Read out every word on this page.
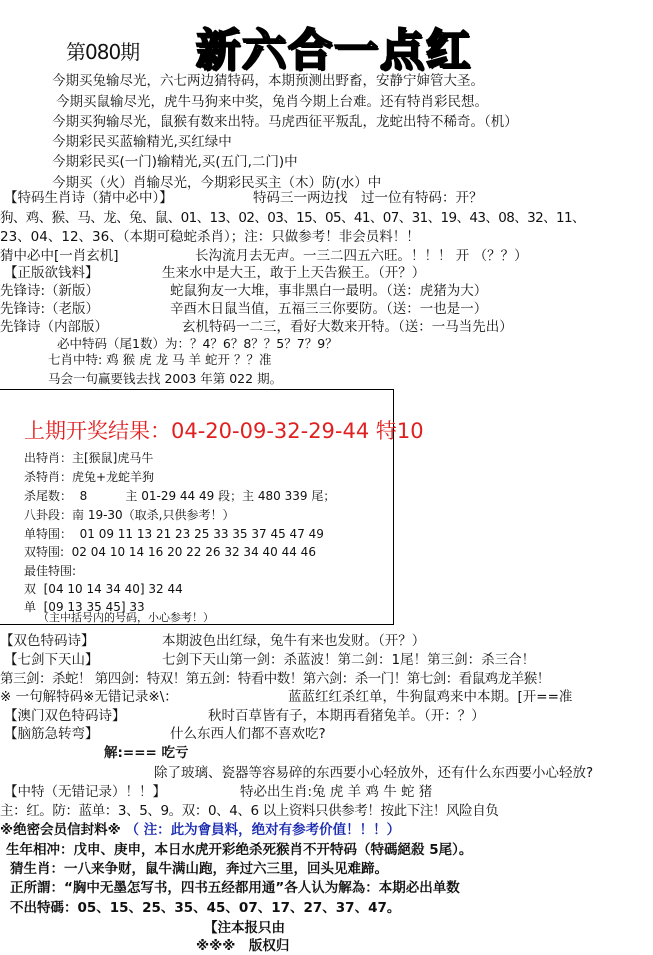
第080期 新六合一点红
今期买兔输尽光，六七两边猜特码，本期预测出野畜，安静宁婶管大圣。
今期买鼠输尽光，虎牛马狗来中奖，兔肖今期上台难。还有特肖彩民想。
今期买狗输尽光，鼠猴有数来出特。马虎西征平叛乱，龙蛇出特不稀奇。（机）
今期彩民买蓝输精光,买红绿中
今期彩民买(一门)输精光,买(五门,二门)中
今期买（火）肖输尽光，今期彩民买主（木）防(水）中
【特码生肖诗（猜中必中）】	特码三一两边找　过一位有特码：开？
狗、鸡、猴、马、龙、兔、鼠、01、13、02、03、15、05、41、07、31、19、43、08、32、11、
23、04、12、36、（本期可稳蛇杀肖）；注：只做参考！非会员料！！
猜中必中[一肖玄机]	长沟流月去无声。一三二四五六旺。！！！ 开 （？？）
【正版欲钱料】	生来水中是大王，敢于上天告猴王。（开？）
先锋诗:（新版）	蛇鼠狗友一大堆，事非黑白一最明。（送：虎猪为大）
先锋诗:（老版）	辛酉木日鼠当值，五福三三你要防。（送：一也是一）
先锋诗（内部版）	玄机特码一二三，看好大数来开特。（送：一马当先出）
必中特码（尾1数）为：？4？6？8？？5？7？9？
七肖中特: 鸡 猴 虎 龙 马 羊 蛇开 ？？准
马会一句赢要钱去找 2003 年第 022 期。
上期开奖结果：04-20-09-32-29-44 特10
出特肖：主[猴鼠]虎马牛
杀特肖：虎兔+龙蛇羊狗
杀尾数：  8          主 01-29 44 49 段；主 480 339 尾；
八卦段：南 19-30（取杀,只供参考！）
单特围：  01 09 11 13 21 23 25 33 35 37 45 47 49
双特围:  02 04 10 14 16 20 22 26 32 34 40 44 46
最佳特围:
双  [04 10 14 34 40] 32 44
单  [09 13 35 45] 33
（主中括号内的号码，小心参考！）
【双色特码诗】	本期波色出红绿，兔牛有来也发财。（开？）
【七剑下天山】	七剑下天山第一剑：杀蓝波！第二剑：1尾！第三剑：杀三合！
第三剑：杀蛇！ 第四剑：特双！第五剑：特看中数！第六剑：杀一门！第七剑：看鼠鸡龙羊猴！
※ 一句解特码※无错记录※\：	蓝蓝红红杀红单，牛狗鼠鸡来中本期。[开==准
【澳门双色特码诗】	秋时百草皆有子，本期再看猪兔羊。（开：？）
【脑筋急转弯】	什么东西人们都不喜欢吃?
解:=== 吃亏
除了玻璃、瓷器等容易碎的东西要小心轻放外，还有什么东西要小心轻放?
【中特（无错记录）！！】	特必出生肖:兔 虎 羊 鸡 牛 蛇 猪
主：红。防：蓝单：3、5、9。双：0、4、6 以上资料只供参考！按此下注！风险自负
※绝密会员信封料※ （ 注：此为會員料，绝对有参考价值！！！）
生年相冲：戊申、庚申，本日水虎开彩绝杀死猴肖不开特码（特碼絕殺 5尾）。
猜生肖：一八来争财，鼠牛满山跑，奔过六三里，回头见难蹄。
正所謂：“胸中无墨怎写书，四书五经都用通”各人认为解為：本期必出单数
不出特碼：05、15、25、35、45、07、17、27、37、47。
【注本报只由
※※※　版权归
